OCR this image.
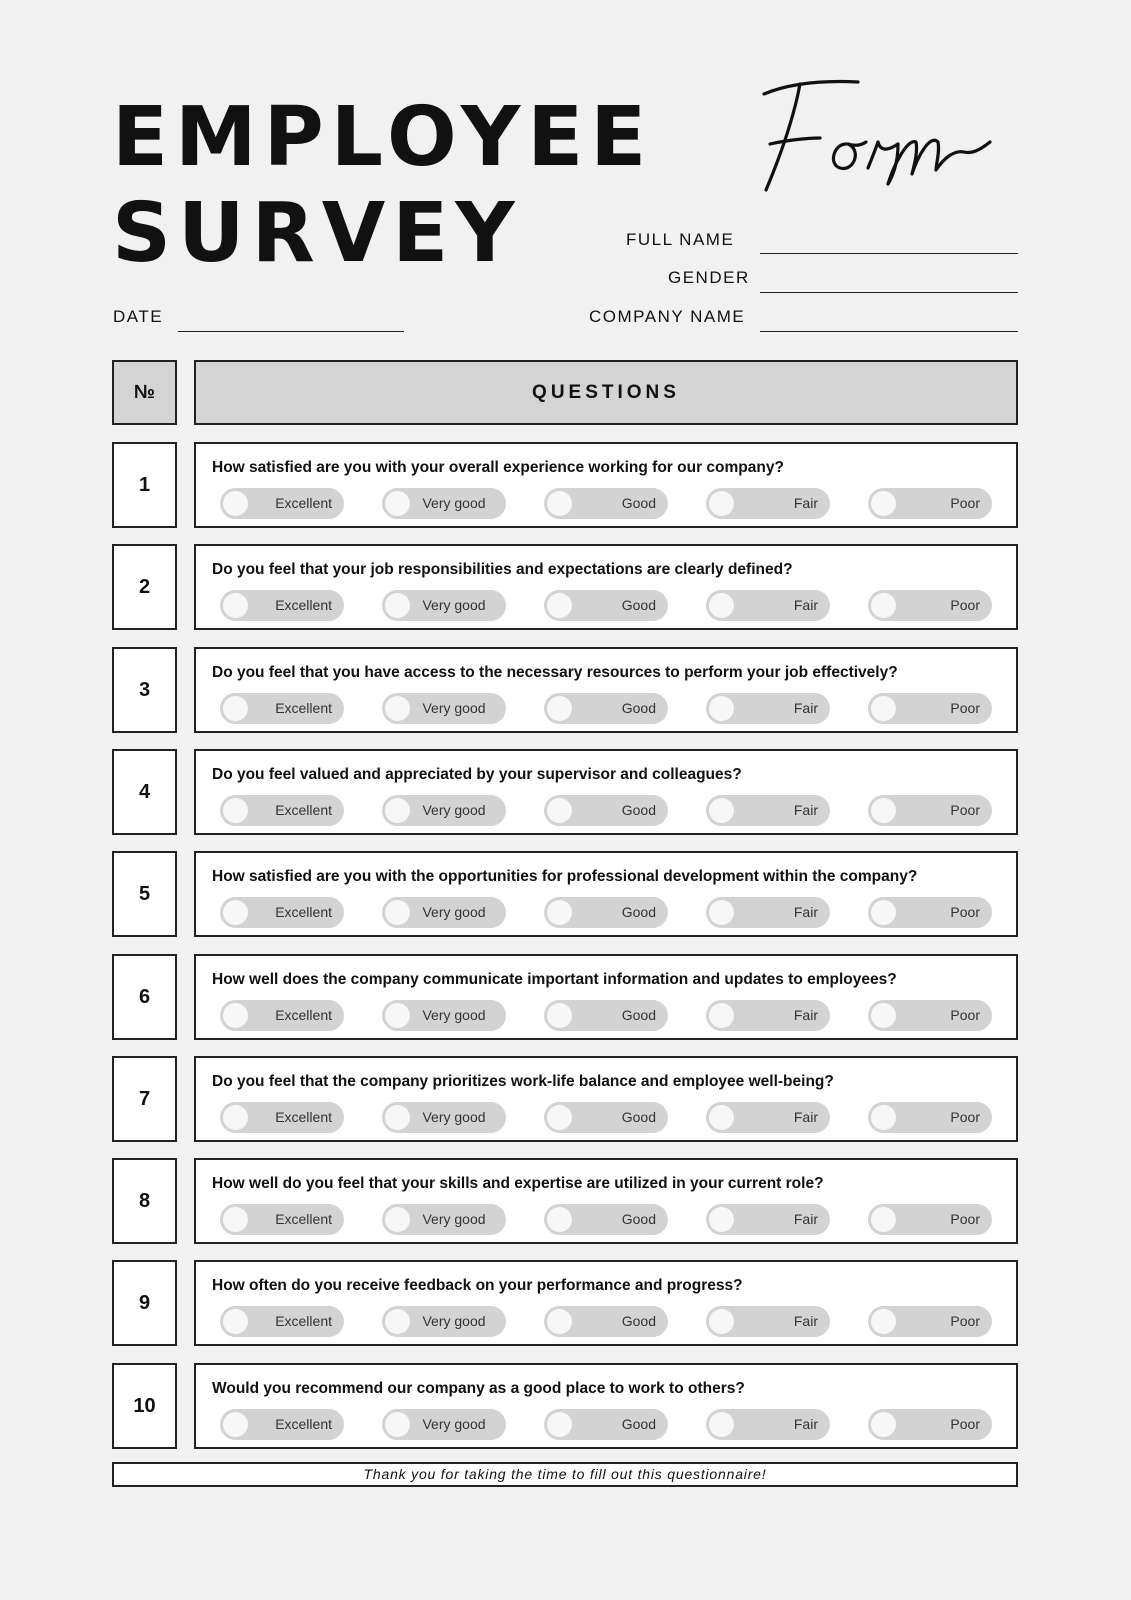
EMPLOYEE
SURVEY	FULL NAME
GENDER
COMPANY NAME
DATE
№	QUESTIONS
1
How satisfied are you with your overall experience working for our company?
Excellent	Very good	Good	Fair	Poor
2
Do you feel that your job responsibilities and expectations are clearly defined?
Excellent	Very good	Good	Fair	Poor
3
Do you feel that you have access to the necessary resources to perform your job effectively?
Excellent	Very good	Good	Fair	Poor
4
Do you feel valued and appreciated by your supervisor and colleagues?
Excellent	Very good	Good	Fair	Poor
5
How satisfied are you with the opportunities for professional development within the company?
Excellent	Very good	Good	Fair	Poor
6
How well does the company communicate important information and updates to employees?
Excellent	Very good	Good	Fair	Poor
7
Do you feel that the company prioritizes work-life balance and employee well-being?
Excellent	Very good	Good	Fair	Poor
8
How well do you feel that your skills and expertise are utilized in your current role?
Excellent	Very good	Good	Fair	Poor
9
How often do you receive feedback on your performance and progress?
Excellent	Very good	Good	Fair	Poor
10
Would you recommend our company as a good place to work to others?
Excellent	Very good	Good	Fair	Poor
Thank you for taking the time to fill out this questionnaire!
